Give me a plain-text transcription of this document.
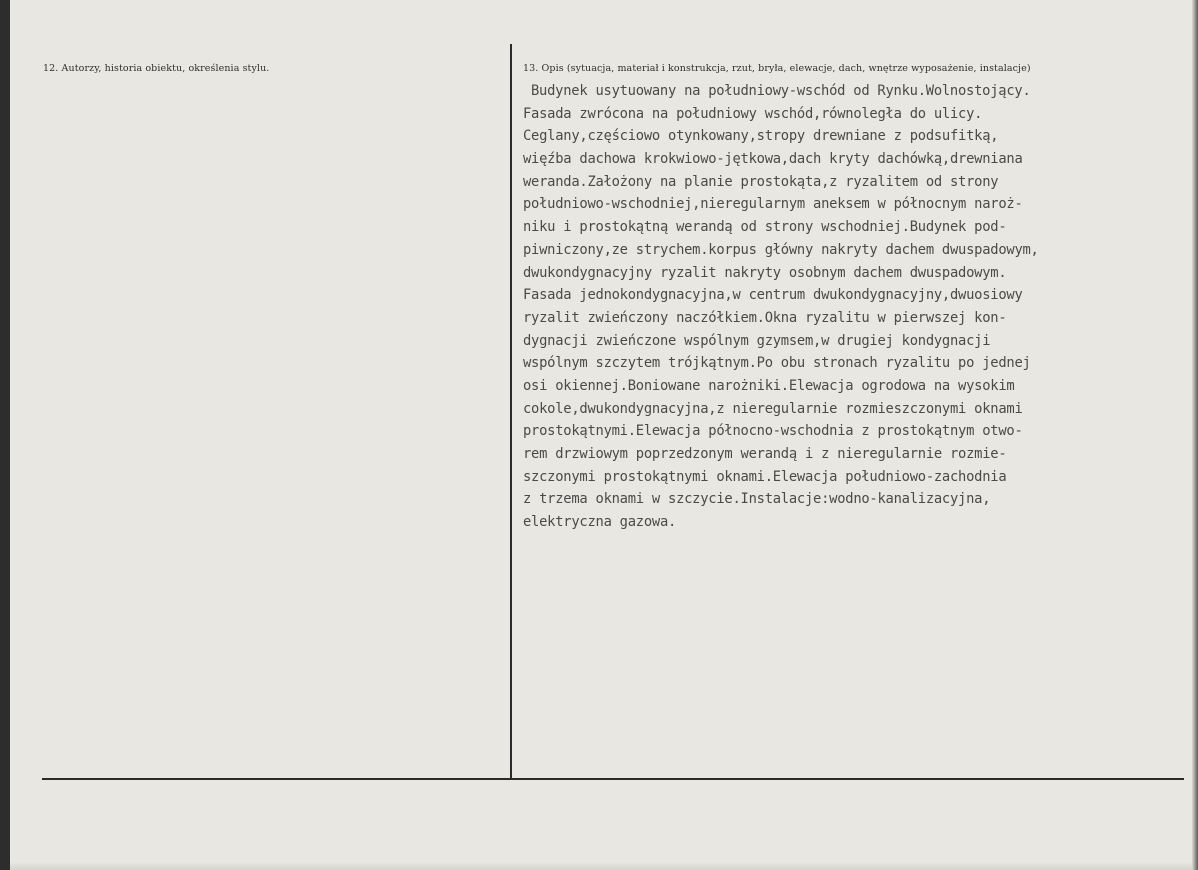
12. Autorzy, historia obiektu, określenia stylu.	13. Opis (sytuacja, materiał i konstrukcja, rzut, bryła, elewacje, dach, wnętrze wyposażenie, instalacje)
Budynek usytuowany na południowy-wschód od Rynku.Wolnostojący.
Fasada zwrócona na południowy wschód,równoległa do ulicy.
Ceglany,częściowo otynkowany,stropy drewniane z podsufitką,
więźba dachowa krokwiowo-jętkowa,dach kryty dachówką,drewniana
weranda.Założony na planie prostokąta,z ryzalitem od strony
południowo-wschodniej,nieregularnym aneksem w północnym naroż-
niku i prostokątną werandą od strony wschodniej.Budynek pod-
piwniczony,ze strychem.korpus główny nakryty dachem dwuspadowym,
dwukondygnacyjny ryzalit nakryty osobnym dachem dwuspadowym.
Fasada jednokondygnacyjna,w centrum dwukondygnacyjny,dwuosiowy
ryzalit zwieńczony naczółkiem.Okna ryzalitu w pierwszej kon-
dygnacji zwieńczone wspólnym gzymsem,w drugiej kondygnacji
wspólnym szczytem trójkątnym.Po obu stronach ryzalitu po jednej
osi okiennej.Boniowane narożniki.Elewacja ogrodowa na wysokim
cokole,dwukondygnacyjna,z nieregularnie rozmieszczonymi oknami
prostokątnymi.Elewacja północno-wschodnia z prostokątnym otwo-
rem drzwiowym poprzedzonym werandą i z nieregularnie rozmie-
szczonymi prostokątnymi oknami.Elewacja południowo-zachodnia
z trzema oknami w szczycie.Instalacje:wodno-kanalizacyjna,
elektryczna gazowa.
